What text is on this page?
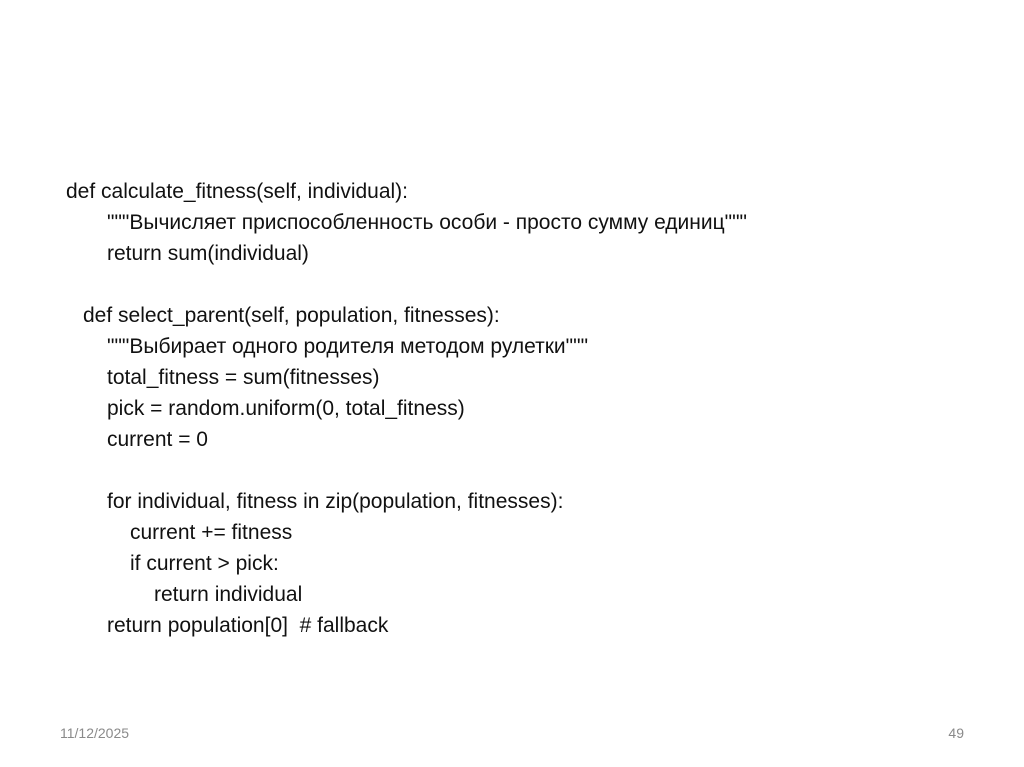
def calculate_fitness(self, individual):
"""Вычисляет приспособленность особи - просто сумму единиц"""
return sum(individual)
def select_parent(self, population, fitnesses):
"""Выбирает одного родителя методом рулетки"""
total_fitness = sum(fitnesses)
pick = random.uniform(0, total_fitness)
current = 0
for individual, fitness in zip(population, fitnesses):
current += fitness
if current > pick:
return individual
return population[0]  # fallback
11/12/2025	49
